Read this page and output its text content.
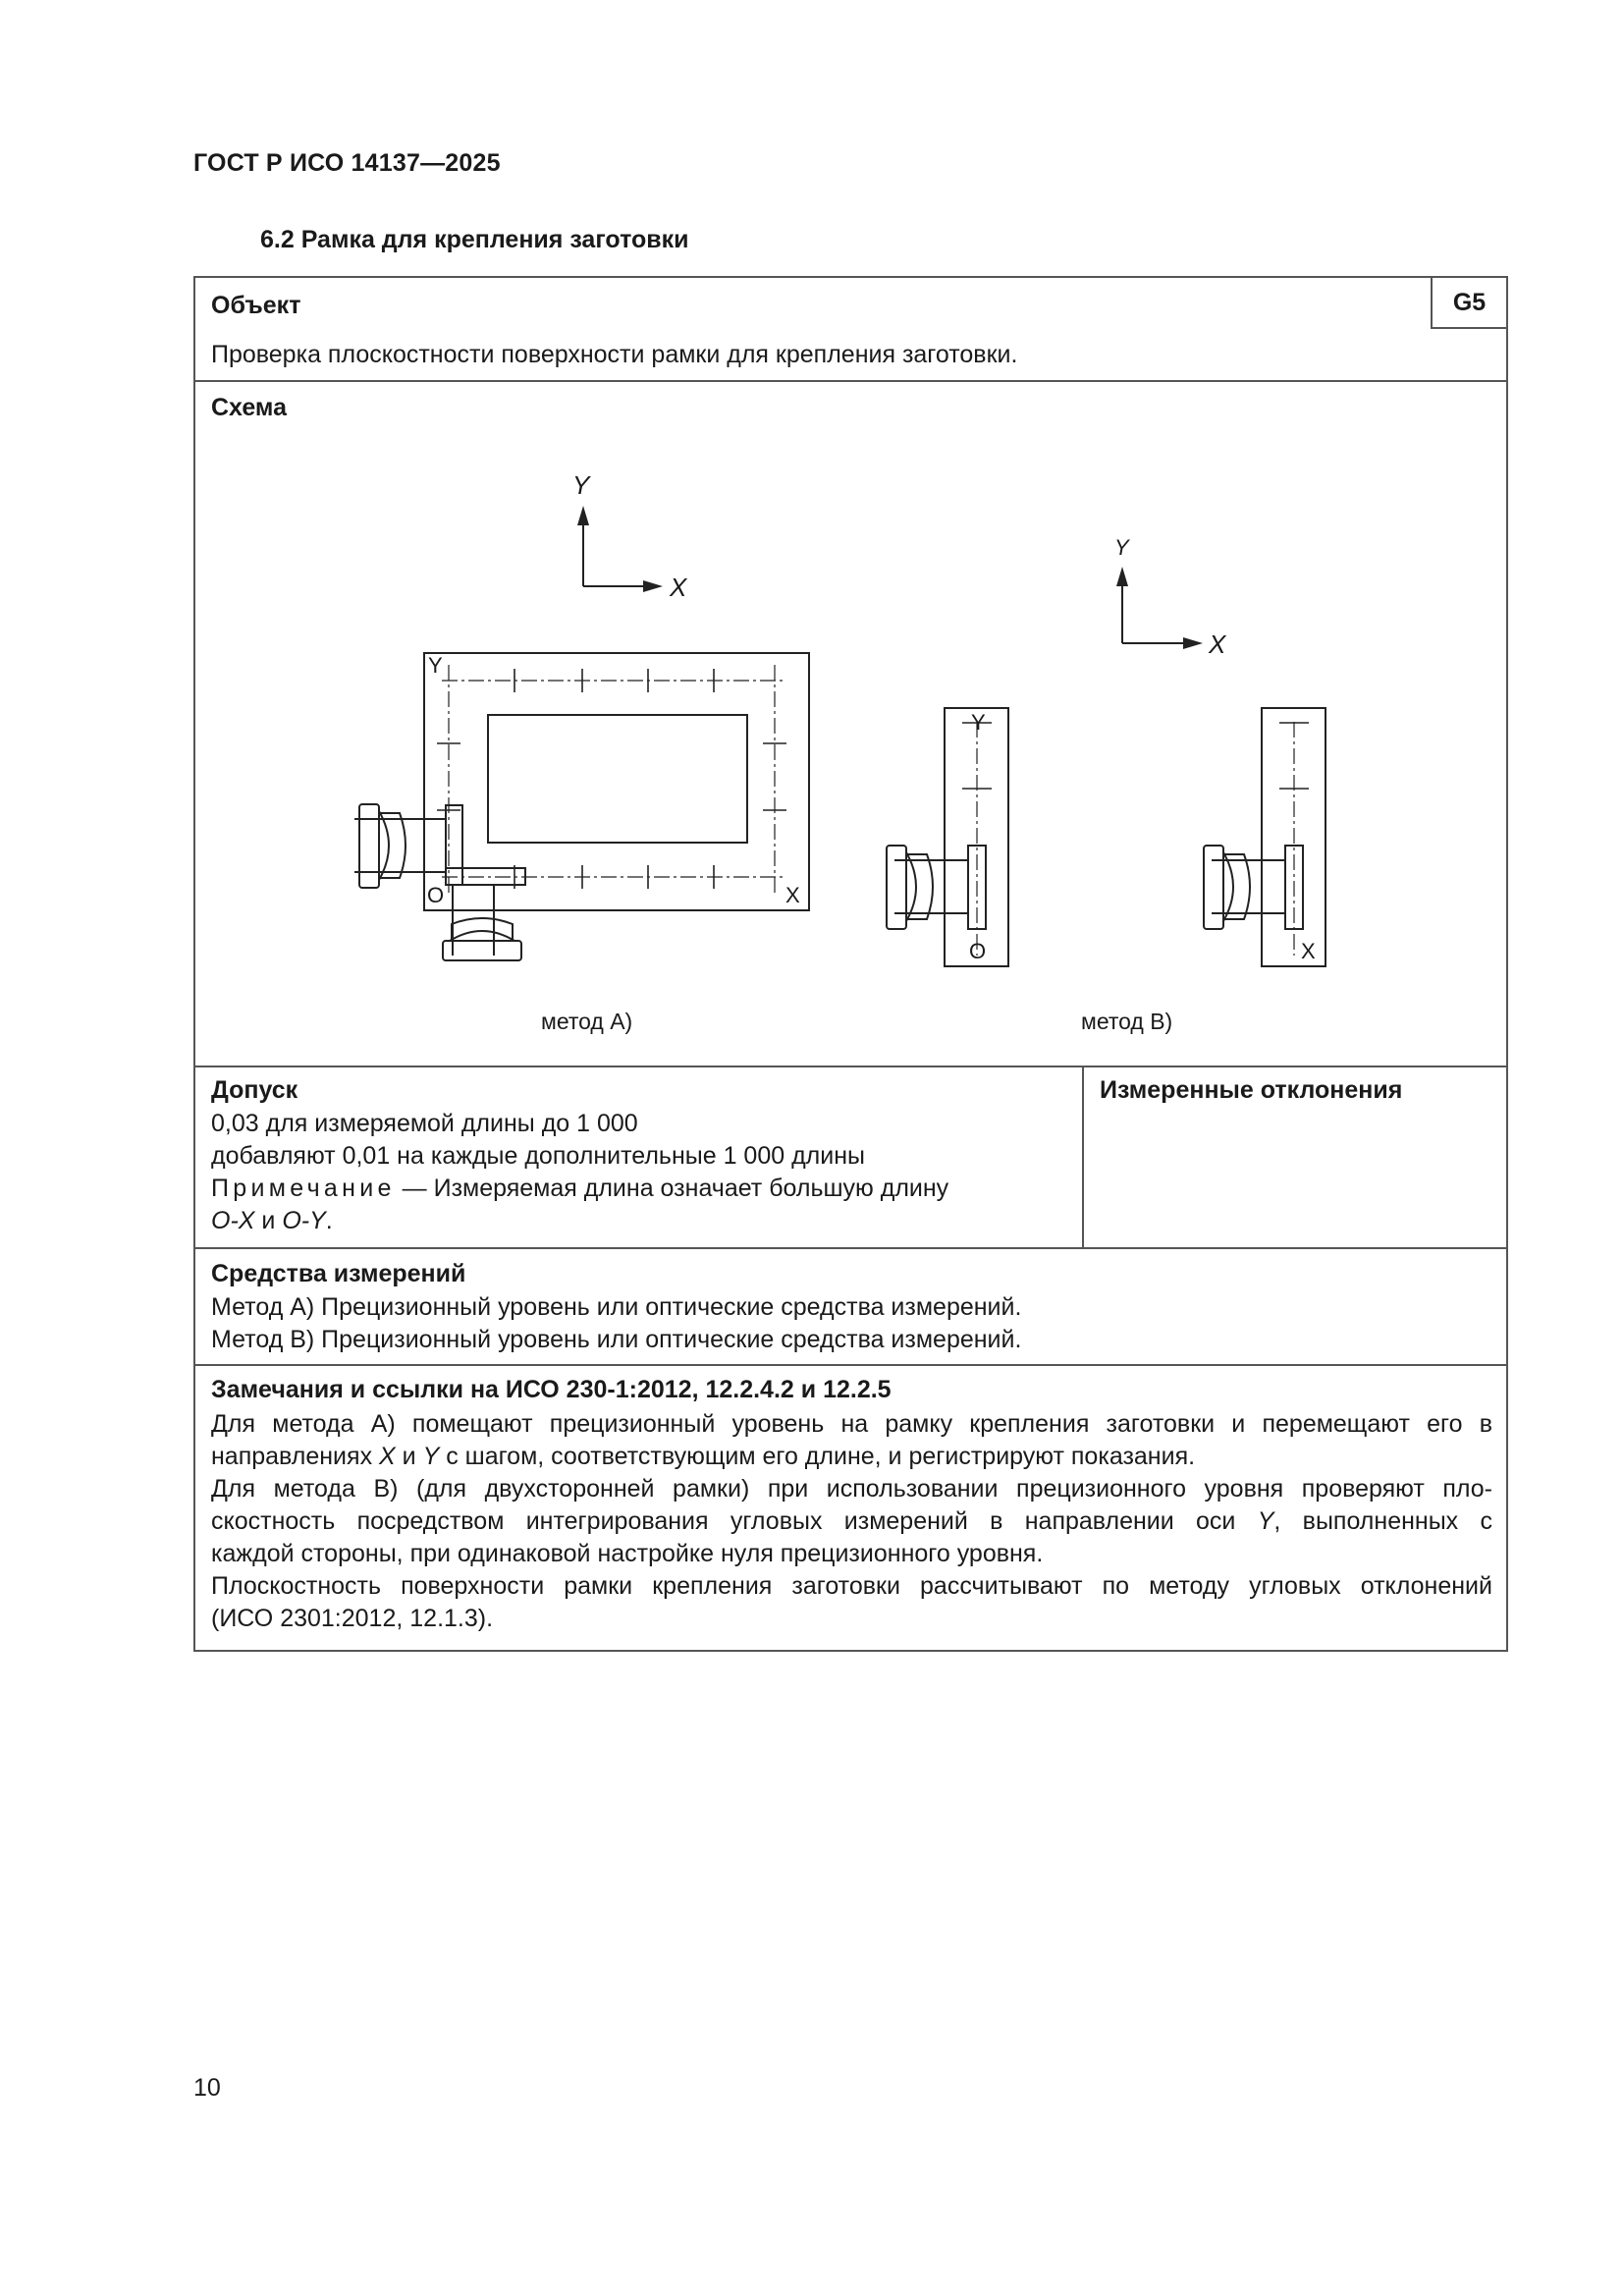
ГОСТ Р ИСО 14137—2025
6.2 Рамка для крепления заготовки
Объект	G5
Проверка плоскостности поверхности рамки для крепления заготовки.
Схема
Y
X
Y
X
Y
O	X
Y
O	X
метод A)	метод B)
Допуск
0,03 для измеряемой длины до 1 000
добавляют 0,01 на каждые дополнительные 1 000 длины
Примечание — Измеряемая длина означает большую длину
O-X и O-Y.
Измеренные отклонения
Средства измерений
Метод A) Прецизионный уровень или оптические средства измерений.
Метод B) Прецизионный уровень или оптические средства измерений.
Замечания и ссылки на ИСО 230-1:2012, 12.2.4.2 и 12.2.5
Для метода A) помещают прецизионный уровень на рамку крепления заготовки и перемещают его в
направлениях X и Y с шагом, соответствующим его длине, и регистрируют показания.
Для метода B) (для двухсторонней рамки) при использовании прецизионного уровня проверяют пло-
скостность посредством интегрирования угловых измерений в направлении оси Y, выполненных с
каждой стороны, при одинаковой настройке нуля прецизионного уровня.
Плоскостность поверхности рамки крепления заготовки рассчитывают по методу угловых отклонений
(ИСО 2301:2012, 12.1.3).
10
